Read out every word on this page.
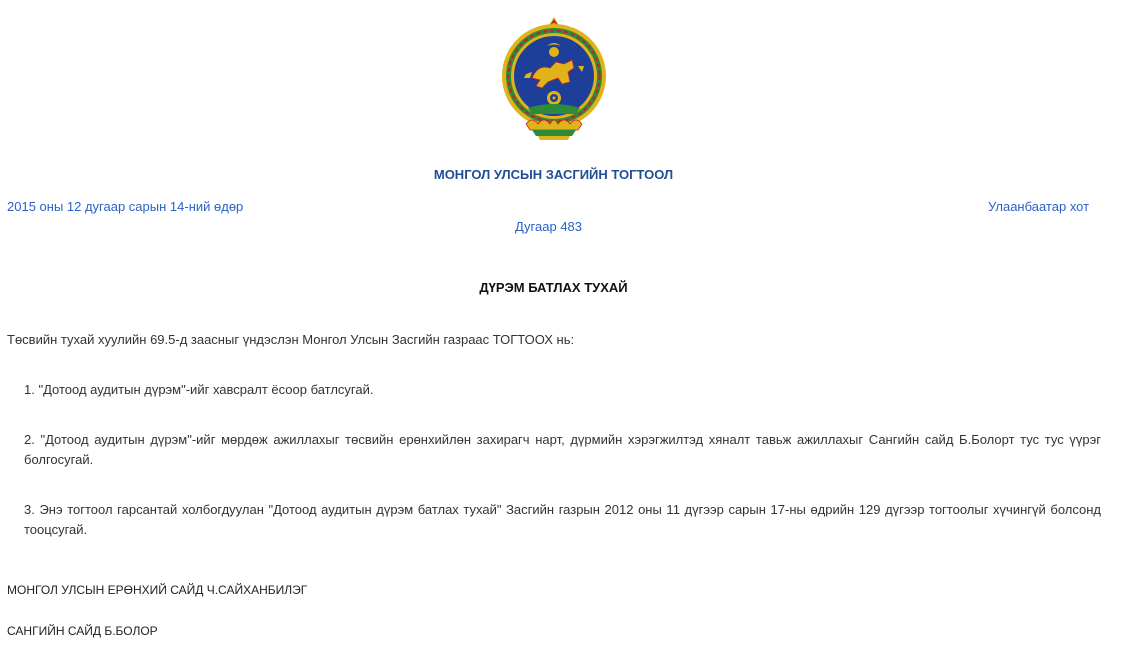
МОНГОЛ УЛСЫН ЗАСГИЙН ТОГТООЛ
2015 оны 12 дугаар сарын 14-ний өдөр	Улаанбаатар хот
Дугаар 483
ДҮРЭМ БАТЛАХ ТУХАЙ
Төсвийн тухай хуулийн 69.5-д заасныг үндэслэн Монгол Улсын Засгийн газраас ТОГТООХ нь:
1. "Дотоод аудитын дүрэм"-ийг хавсралт ёсоор батлсугай.
2. "Дотоод аудитын дүрэм"-ийг мөрдөж ажиллахыг төсвийн ерөнхийлөн захирагч нарт, дүрмийн хэрэгжилтэд хяналт тавьж ажиллахыг Сангийн сайд Б.Болорт тус тус үүрэг болгосугай.
3. Энэ тогтоол гарсантай холбогдуулан "Дотоод аудитын дүрэм батлах тухай" Засгийн газрын 2012 оны 11 дүгээр сарын 17-ны өдрийн 129 дүгээр тогтоолыг хүчингүй болсонд тооцсугай.
МОНГОЛ УЛСЫН ЕРӨНХИЙ САЙД Ч.САЙХАНБИЛЭГ
САНГИЙН САЙД Б.БОЛОР
